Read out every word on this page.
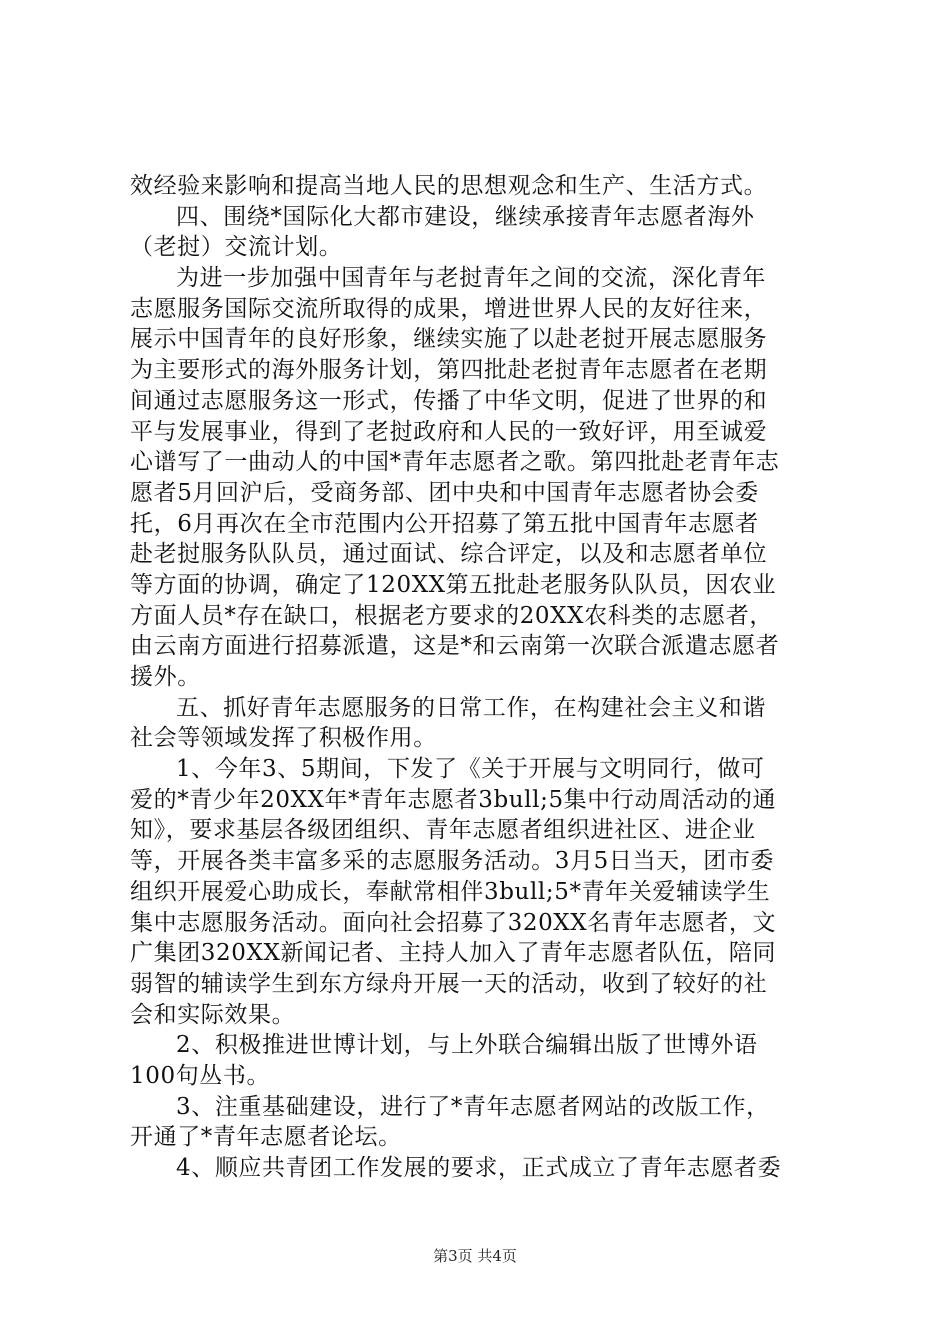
效经验来影响和提高当地人民的思想观念和生产、生活方式。
四、围绕*国际化大都市建设，继续承接青年志愿者海外
（老挝）交流计划。
为进一步加强中国青年与老挝青年之间的交流，深化青年
志愿服务国际交流所取得的成果，增进世界人民的友好往来，
展示中国青年的良好形象，继续实施了以赴老挝开展志愿服务
为主要形式的海外服务计划，第四批赴老挝青年志愿者在老期
间通过志愿服务这一形式，传播了中华文明，促进了世界的和
平与发展事业，得到了老挝政府和人民的一致好评，用至诚爱
心谱写了一曲动人的中国*青年志愿者之歌。第四批赴老青年志
愿者5月回沪后，受商务部、团中央和中国青年志愿者协会委
托，6月再次在全市范围内公开招募了第五批中国青年志愿者
赴老挝服务队队员，通过面试、综合评定，以及和志愿者单位
等方面的协调，确定了120XX第五批赴老服务队队员，因农业
方面人员*存在缺口，根据老方要求的20XX农科类的志愿者，
由云南方面进行招募派遣，这是*和云南第一次联合派遣志愿者
援外。
五、抓好青年志愿服务的日常工作，在构建社会主义和谐
社会等领域发挥了积极作用。
1、今年3、5期间，下发了《关于开展与文明同行，做可
爱的*青少年20XX年*青年志愿者3bull;5集中行动周活动的通
知》，要求基层各级团组织、青年志愿者组织进社区、进企业
等，开展各类丰富多采的志愿服务活动。3月5日当天，团市委
组织开展爱心助成长，奉献常相伴3bull;5*青年关爱辅读学生
集中志愿服务活动。面向社会招募了320XX名青年志愿者，文
广集团320XX新闻记者、主持人加入了青年志愿者队伍，陪同
弱智的辅读学生到东方绿舟开展一天的活动，收到了较好的社
会和实际效果。
2、积极推进世博计划，与上外联合编辑出版了世博外语
100句丛书。
3、注重基础建设，进行了*青年志愿者网站的改版工作，
开通了*青年志愿者论坛。
4、顺应共青团工作发展的要求，正式成立了青年志愿者委
第3页 共4页
